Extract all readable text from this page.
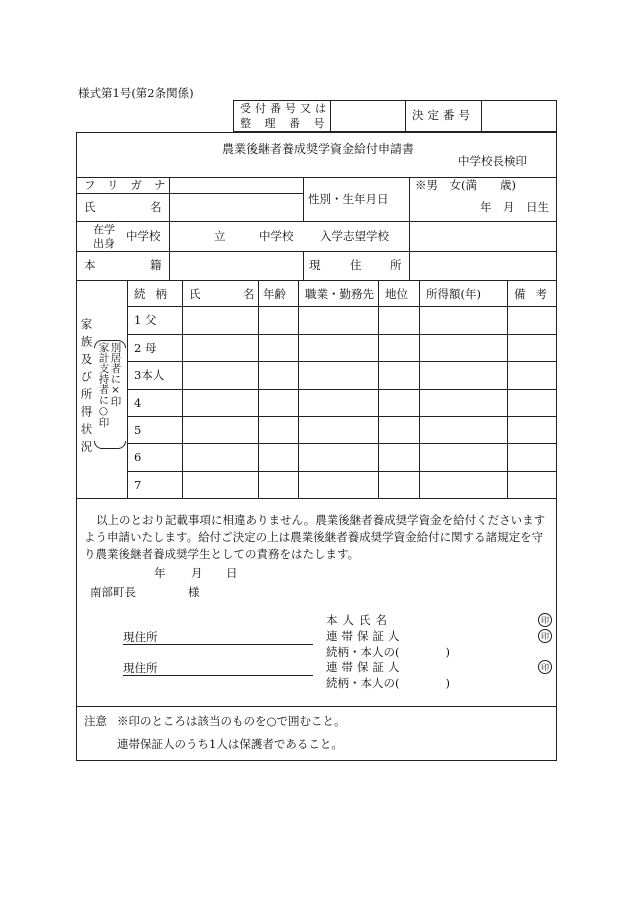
様式第1号(第2条関係)
受付番号又は
整 理 番 号
決定番号
農業後継者養成奨学資金給付申請書
中学校長検印
フリガナ
氏	名
性別・生年月日
※男　女(満　　歳)
年　月　日生
在学
出身
中学校	立	中学校 入学志望学校
本	籍	現	住 所
続柄 氏	名 年齢 職業・勤務先 地位 所得額(年)	備考
1 父
2 母
3本人
4
5
6
7
家族及び所得状況 別居者に×印
家計支持者に○印
以上のとおり記載事項に相違ありません。農業後継者養成奨学資金を給付くださいますよう申請いたします。給付ご決定の上は農業後継者養成奨学資金給付に関する諸規定を守り農業後継者養成奨学生としての責務をはたします。
年 月 日
南部町長	様
本人氏名	印
現住所	連帯保証人	印
続柄・本人の(　　　　)
現住所	連帯保証人	印
続柄・本人の(　　　　)
注意 ※印のところは該当のものを○で囲むこと。
連帯保証人のうち1人は保護者であること。
